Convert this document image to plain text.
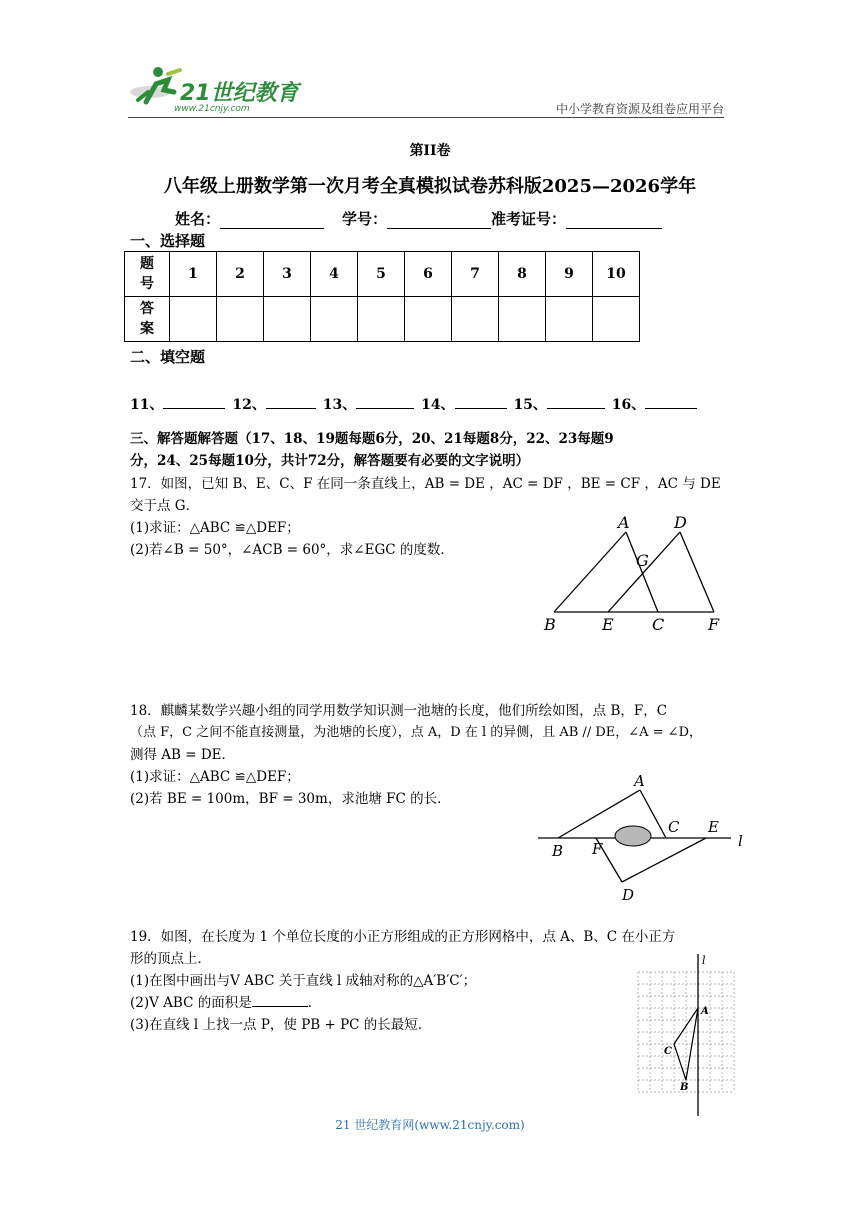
21世纪教育
www.21cnjy.com	中小学教育资源及组卷应用平台
第II卷
八年级上册数学第一次月考全真模拟试卷苏科版2025—2026学年
姓名：	学号：	准考证号：
一、选择题
题号	1	2	3	4	5	6	7	8	9	10
答案										
二、填空题
11、	12、	13、	14、	15、	16、
三、解答题解答题（17、18、19题每题6分，20、21每题8分，22、23每题9
分，24、25每题10分，共计72分，解答题要有必要的文字说明）
17．如图，已知 B、E、C、F 在同一条直线上，AB = DE ，AC = DF ，BE = CF ，AC 与 DE
交于点 G．
(1)求证：△ABC ≌△DEF；
(2)若∠B = 50°，∠ACB = 60°，求∠EGC 的度数．
A	D
G
B	E C	F
18．麒麟某数学兴趣小组的同学用数学知识测一池塘的长度，他们所绘如图，点 B，F，C
（点 F，C 之间不能直接测量，为池塘的长度），点 A，D 在 l 的异侧，且 AB // DE，∠A = ∠D，
测得 AB = DE．
(1)求证：△ABC ≌△DEF；
(2)若 BE = 100m，BF = 30m，求池塘 FC 的长．
A
C E
l
B F
D
19．如图，在长度为 1 个单位长度的小正方形组成的正方形网格中，点 A、B、C 在小正方
形的顶点上．
(1)在图中画出与V ABC 关于直线 l 成轴对称的△A′B′C′；
(2)V ABC 的面积是	．
(3)在直线 l 上找一点 P，使 PB + PC 的长最短．
l
A
C
B
21 世纪教育网(www.21cnjy.com)
